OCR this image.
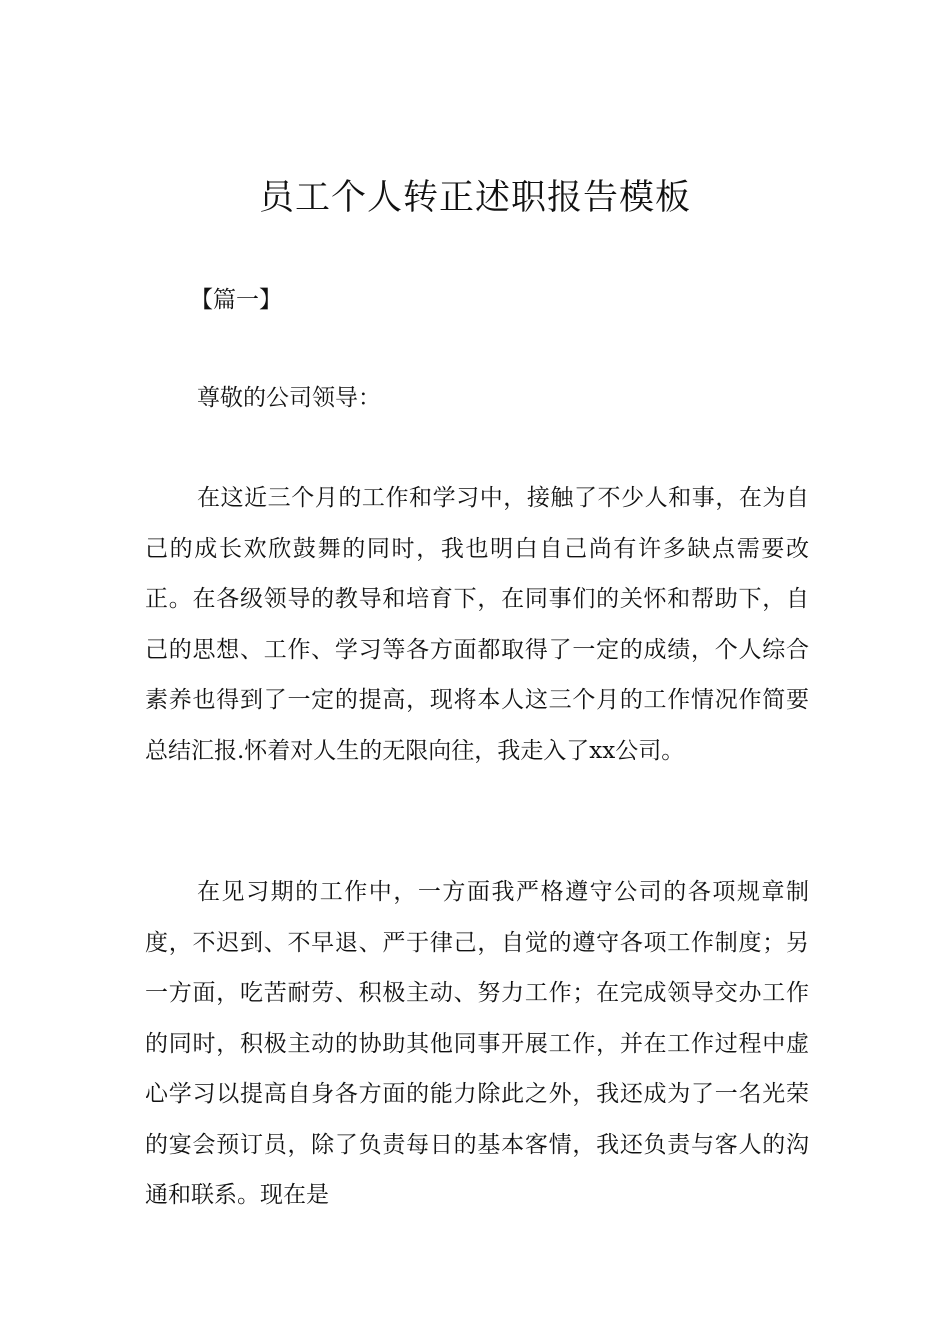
员工个人转正述职报告模板
【篇一】
尊敬的公司领导：

在这近三个月的工作和学习中，接触了不少人和事，在为自己的成长欢欣鼓舞的同时，我也明白自己尚有许多缺点需要改正。在各级领导的教导和培育下，在同事们的关怀和帮助下，自己的思想、工作、学习等各方面都取得了一定的成绩，个人综合素养也得到了一定的提高，现将本人这三个月的工作情况作简要总结汇报.怀着对人生的无限向往，我走入了xx公司。

在见习期的工作中，一方面我严格遵守公司的各项规章制度，不迟到、不早退、严于律己，自觉的遵守各项工作制度；另一方面，吃苦耐劳、积极主动、努力工作；在完成领导交办工作的同时，积极主动的协助其他同事开展工作，并在工作过程中虚心学习以提高自身各方面的能力除此之外，我还成为了一名光荣的宴会预订员，除了负责每日的基本客情，我还负责与客人的沟通和联系。现在是
